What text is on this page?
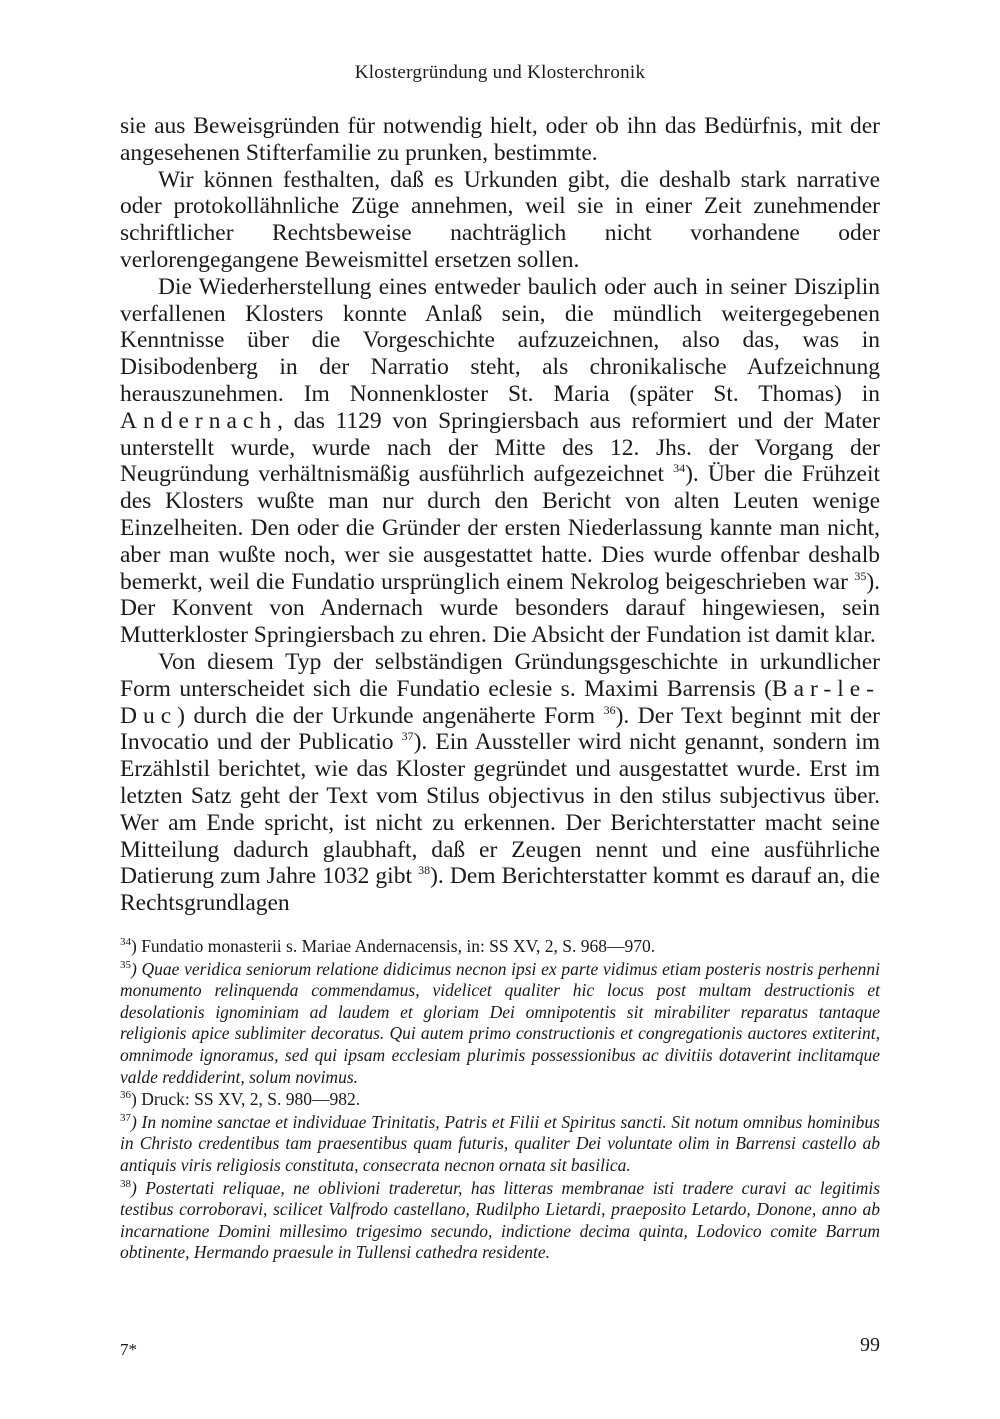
Klostergründung und Klosterchronik

sie aus Beweisgründen für notwendig hielt, oder ob ihn das Bedürfnis, mit der angesehenen Stifterfamilie zu prunken, bestimmte.

Wir können festhalten, daß es Urkunden gibt, die deshalb stark narrative oder protokollähnliche Züge annehmen, weil sie in einer Zeit zunehmender schriftlicher Rechtsbeweise nachträglich nicht vorhandene oder verlorengegangene Beweismittel ersetzen sollen.

Die Wiederherstellung eines entweder baulich oder auch in seiner Disziplin verfallenen Klosters konnte Anlaß sein, die mündlich weitergegebenen Kenntnisse über die Vorgeschichte aufzuzeichnen, also das, was in Disibodenberg in der Narratio steht, als chronikalische Aufzeichnung herauszunehmen. Im Nonnenkloster St. Maria (später St. Thomas) in Andernach, das 1129 von Springiersbach aus reformiert und der Mater unterstellt wurde, wurde nach der Mitte des 12. Jhs. der Vorgang der Neugründung verhältnismäßig ausführlich aufgezeichnet $^{34}$). Über die Frühzeit des Klosters wußte man nur durch den Bericht von alten Leuten wenige Einzelheiten. Den oder die Gründer der ersten Niederlassung kannte man nicht, aber man wußte noch, wer sie ausgestattet hatte. Dies wurde offenbar deshalb bemerkt, weil die Fundatio ursprünglich einem Nekrolog beigeschrieben war $^{35}$). Der Konvent von Andernach wurde besonders darauf hingewiesen, sein Mutterkloster Springiersbach zu ehren. Die Absicht der Fundation ist damit klar.

Von diesem Typ der selbständigen Gründungsgeschichte in urkundlicher Form unterscheidet sich die Fundatio eclesie s. Maximi Barrensis (Bar-le-Duc) durch die der Urkunde angenäherte Form $^{36}$). Der Text beginnt mit der Invocatio und der Publicatio $^{37}$). Ein Aussteller wird nicht genannt, sondern im Erzählstil berichtet, wie das Kloster gegründet und ausgestattet wurde. Erst im letzten Satz geht der Text vom Stilus objectivus in den stilus subjectivus über. Wer am Ende spricht, ist nicht zu erkennen. Der Berichterstatter macht seine Mitteilung dadurch glaubhaft, daß er Zeugen nennt und eine ausführliche Datierung zum Jahre 1032 gibt $^{38}$). Dem Berichterstatter kommt es darauf an, die Rechtsgrundlagen

$^{34}$) Fundatio monasterii s. Mariae Andernacensis, in: SS XV, 2, S. 968—970.

$^{35}$) Quae veridica seniorum relatione didicimus necnon ipsi ex parte vidimus etiam posteris nostris perhenni monumento relinquenda commendamus, videlicet qualiter hic locus post multam destructionis et desolationis ignominiam ad laudem et gloriam Dei omnipotentis sit mirabiliter reparatus tantaque religionis apice sublimiter decoratus. Qui autem primo constructionis et congregationis auctores extiterint, omnimode ignoramus, sed qui ipsam ecclesiam plurimis possessionibus ac divitiis dotaverint inclitamque valde reddiderint, solum novimus.

$^{36}$) Druck: SS XV, 2, S. 980—982.

$^{37}$) In nomine sanctae et individuae Trinitatis, Patris et Filii et Spiritus sancti. Sit notum omnibus hominibus in Christo credentibus tam praesentibus quam futuris, qualiter Dei voluntate olim in Barrensi castello ab antiquis viris religiosis constituta, consecrata necnon ornata sit basilica.

$^{38}$) Postertati reliquae, ne oblivioni traderetur, has litteras membranae isti tradere curavi ac legitimis testibus corroboravi, scilicet Valfrodo castellano, Rudilpho Lietardi, praeposito Letardo, Donone, anno ab incarnatione Domini millesimo trigesimo secundo, indictione decima quinta, Lodovico comite Barrum obtinente, Hermando praesule in Tullensi cathedra residente.

7*	99
